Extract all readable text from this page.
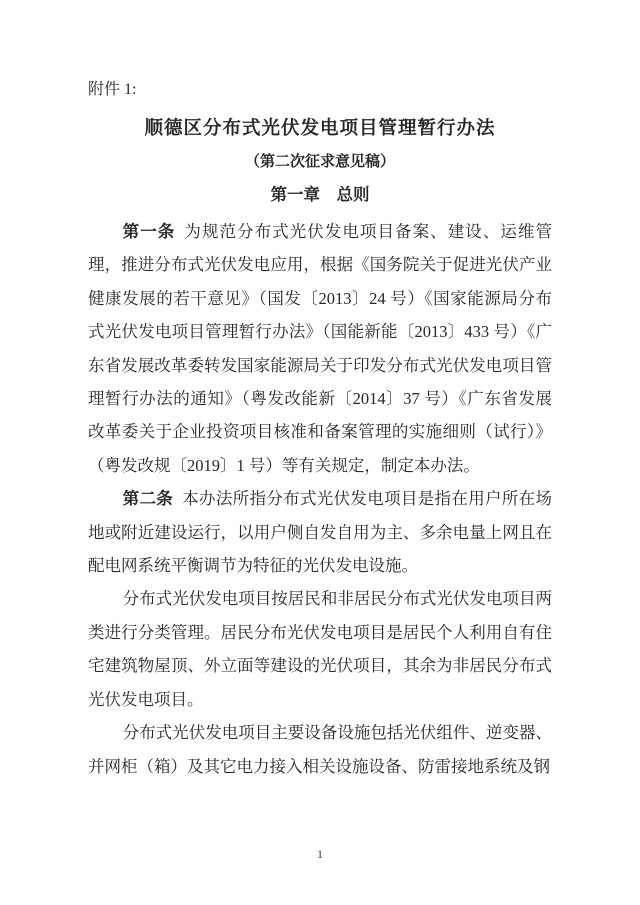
附件 1:
顺德区分布式光伏发电项目管理暂行办法
（第二次征求意见稿）
第一章　总则

第一条 为规范分布式光伏发电项目备案、建设、运维管理，推进分布式光伏发电应用，根据《国务院关于促进光伏产业健康发展的若干意见》（国发〔2013〕24 号）《国家能源局分布式光伏发电项目管理暂行办法》（国能新能〔2013〕433 号）《广东省发展改革委转发国家能源局关于印发分布式光伏发电项目管理暂行办法的通知》（粤发改能新〔2014〕37 号）《广东省发展改革委关于企业投资项目核准和备案管理的实施细则（试行）》（粤发改规〔2019〕1 号）等有关规定，制定本办法。

第二条 本办法所指分布式光伏发电项目是指在用户所在场地或附近建设运行，以用户侧自发自用为主、多余电量上网且在配电网系统平衡调节为特征的光伏发电设施。

分布式光伏发电项目按居民和非居民分布式光伏发电项目两类进行分类管理。居民分布光伏发电项目是居民个人利用自有住宅建筑物屋顶、外立面等建设的光伏项目，其余为非居民分布式光伏发电项目。

分布式光伏发电项目主要设备设施包括光伏组件、逆变器、并网柜（箱）及其它电力接入相关设施设备、防雷接地系统及钢

1
